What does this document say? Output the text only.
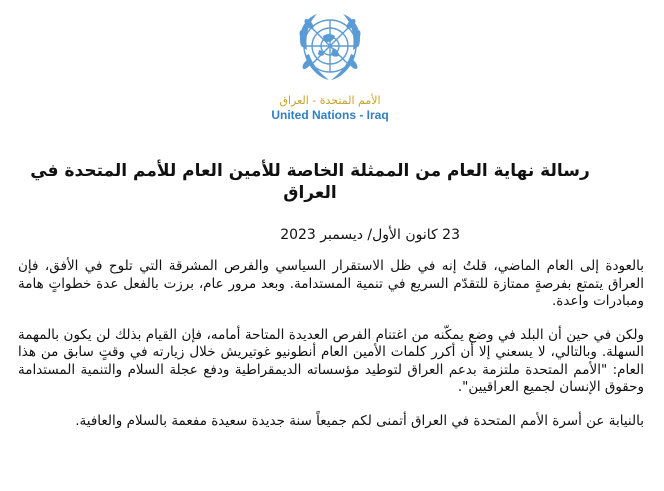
الأمم المتحدة - العراق
United Nations - Iraq
رسالة نهاية العام من الممثلة الخاصة للأمين العام للأمم المتحدة في العراق
23 كانون الأول/ ديسمبر 2023

بالعودة إلى العام الماضي، قلتُ إنه في ظل الاستقرار السياسي والفرص المشرقة التي تلوح في الأفق، فإن العراق يتمتع بفرصةٍ ممتازة للتقدّم السريع في تنمية المستدامة. وبعد مرور عام، برزت بالفعل عدة خطواتٍ هامة ومبادرات واعدة.

ولكن في حين أن البلد في وضع يمكّنه من اغتنام الفرص العديدة المتاحة أمامه، فإن القيام بذلك لن يكون بالمهمة السهلة. وبالتالي، لا يسعني إلا أن أكرر كلمات الأمين العام أنطونيو غوتيريش خلال زيارته في وقتٍ سابق من هذا العام: "الأمم المتحدة ملتزمة بدعم العراق لتوطيد مؤسساته الديمقراطية ودفع عجلة السلام والتنمية المستدامة وحقوق الإنسان لجميع العراقيين".

بالنيابة عن أسرة الأمم المتحدة في العراق أتمنى لكم جميعاً سنة جديدة سعيدة مفعمة بالسلام والعافية.
